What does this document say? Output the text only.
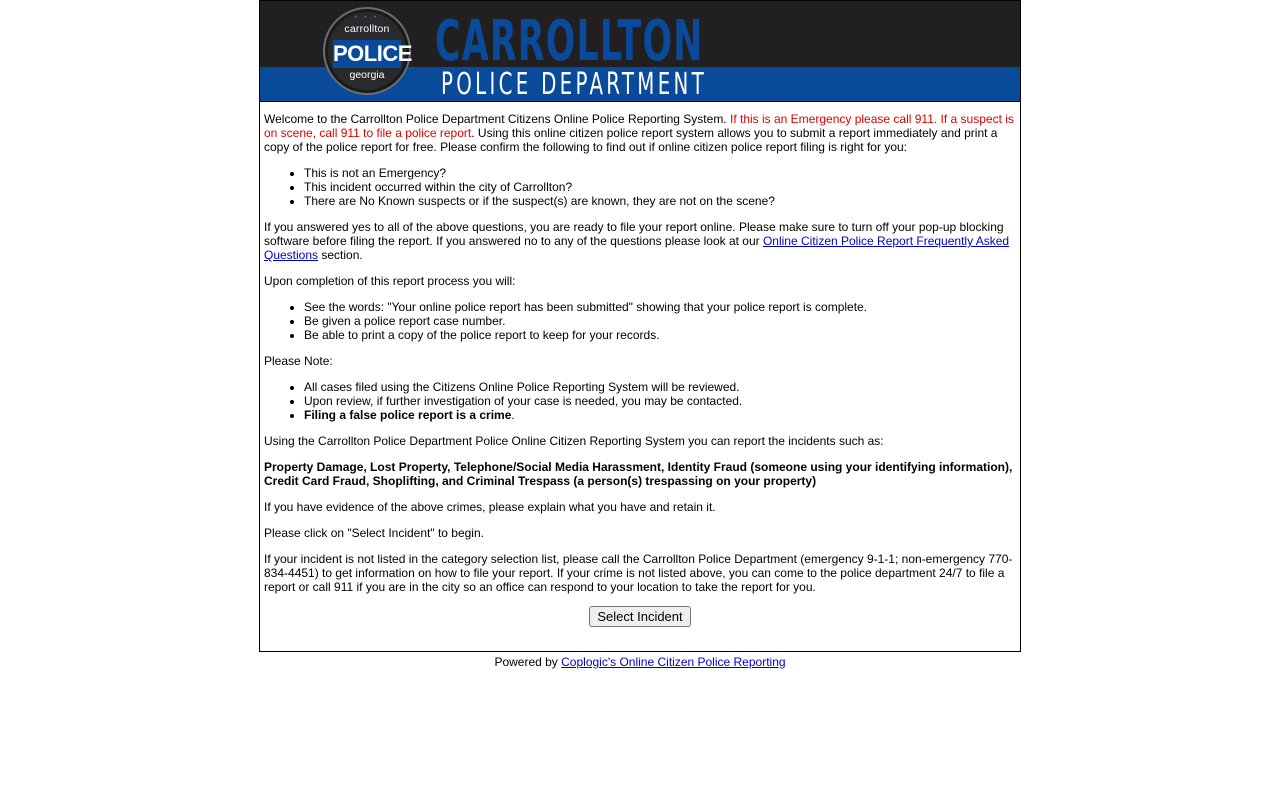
• • •
carrollton
POLICE
georgia
CARROLLTON
POLICE DEPARTMENT

Welcome to the Carrollton Police Department Citizens Online Police Reporting System. If this is an Emergency please call 911. If a suspect is on scene, call 911 to file a police report. Using this online citizen police report system allows you to submit a report immediately and print a copy of the police report for free. Please confirm the following to find out if online citizen police report filing is right for you:

• This is not an Emergency?
• This incident occurred within the city of Carrollton?
• There are No Known suspects or if the suspect(s) are known, they are not on the scene?

If you answered yes to all of the above questions, you are ready to file your report online. Please make sure to turn off your pop-up blocking software before filing the report. If you answered no to any of the questions please look at our Online Citizen Police Report Frequently Asked Questions section.

Upon completion of this report process you will:

• See the words: "Your online police report has been submitted" showing that your police report is complete.
• Be given a police report case number.
• Be able to print a copy of the police report to keep for your records.

Please Note:

• All cases filed using the Citizens Online Police Reporting System will be reviewed.
• Upon review, if further investigation of your case is needed, you may be contacted.
• Filing a false police report is a crime.

Using the Carrollton Police Department Police Online Citizen Reporting System you can report the incidents such as:

Property Damage, Lost Property, Telephone/Social Media Harassment, Identity Fraud (someone using your identifying information), Credit Card Fraud, Shoplifting, and Criminal Trespass (a person(s) trespassing on your property)

If you have evidence of the above crimes, please explain what you have and retain it.

Please click on "Select Incident" to begin.

If your incident is not listed in the category selection list, please call the Carrollton Police Department (emergency 9-1-1; non-emergency 770-834-4451) to get information on how to file your report. If your crime is not listed above, you can come to the police department 24/7 to file a report or call 911 if you are in the city so an office can respond to your location to take the report for you.

Select Incident
Powered by Coplogic's Online Citizen Police Reporting
